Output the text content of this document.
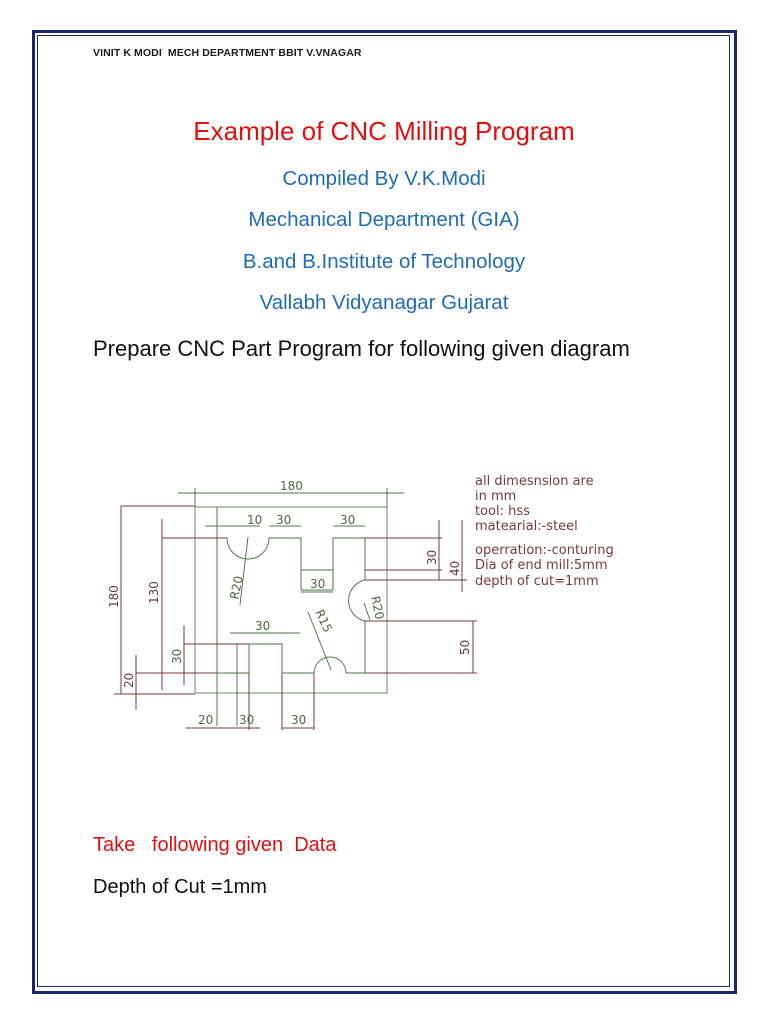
VINIT K MODI  MECH DEPARTMENT BBIT V.VNAGAR
Example of CNC Milling Program
Compiled By V.K.Modi
Mechanical Department (GIA)
B.and B.Institute of Technology
Vallabh Vidyanagar Gujarat
Prepare CNC Part Program for following given diagram
180
10 30	30
30
30
20 30	30
180 130
30
20
30
40
50
R20
R20
R15
all dimesnsion are
in mm
tool: hss
matearial:-steel
operration:-conturing
Dia of end mill:5mm
depth of cut=1mm
Take   following given  Data
Depth of Cut =1mm
